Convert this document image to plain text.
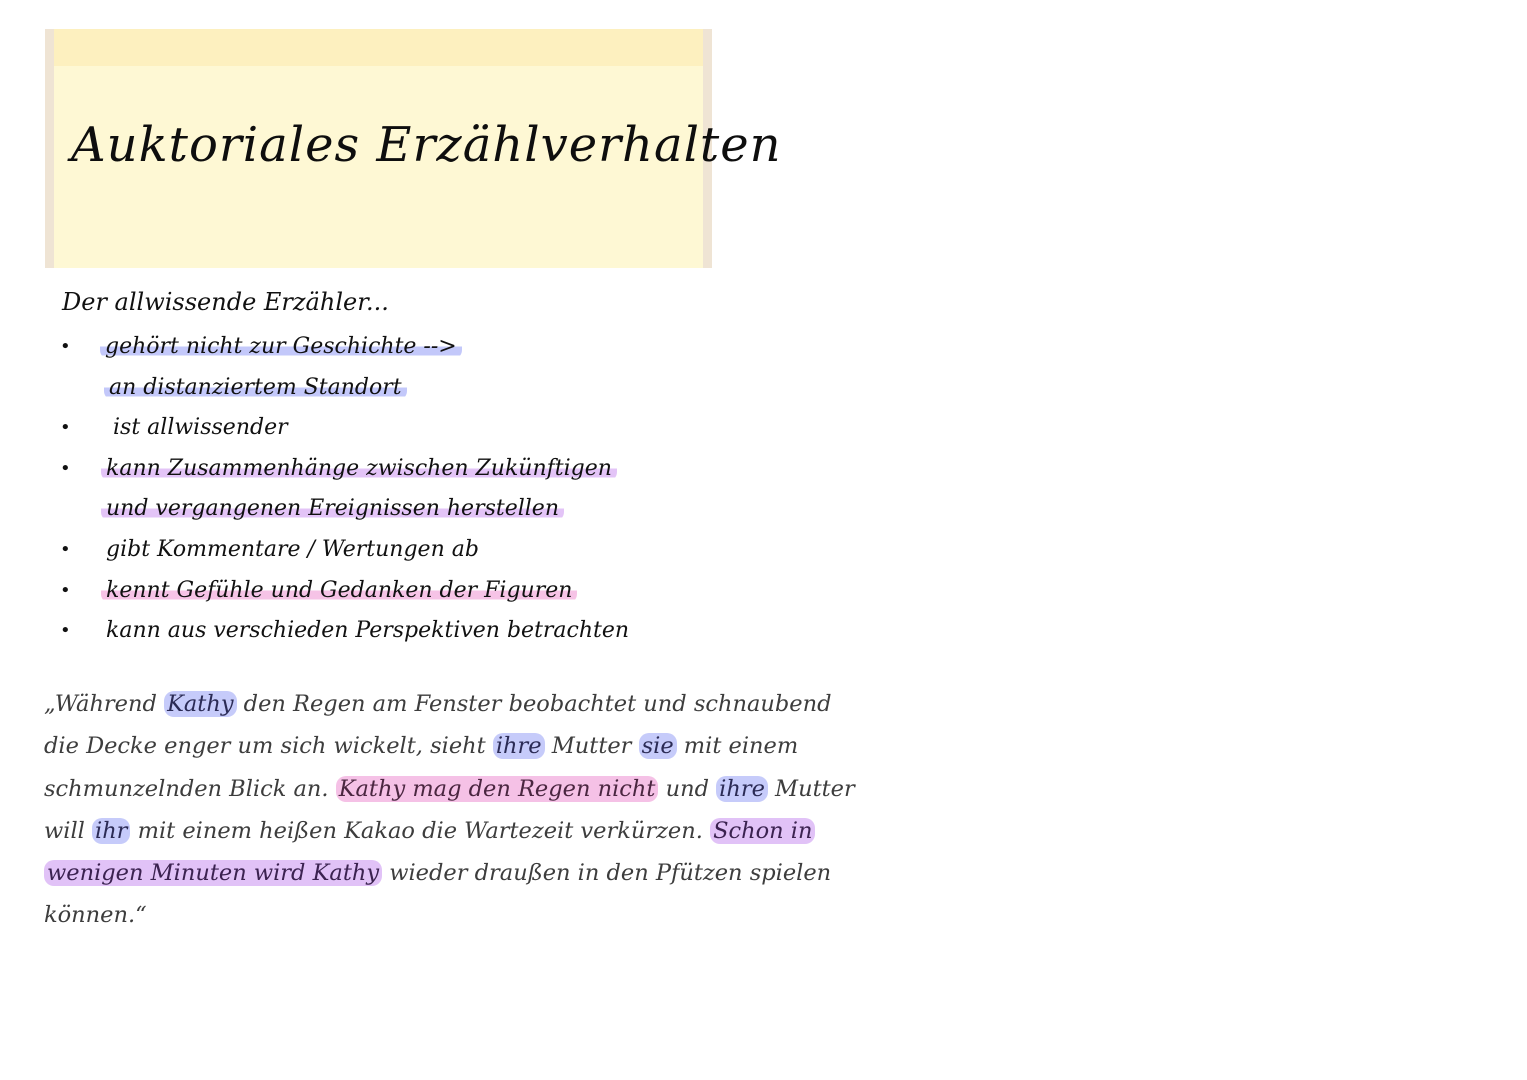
Auktoriales Erzählverhalten
Der allwissende Erzähler...
• gehört nicht zur Geschichte -->
an distanziertem Standort
• ist allwissender
• kann Zusammenhänge zwischen Zukünftigen
und vergangenen Ereignissen herstellen
• gibt Kommentare / Wertungen ab
• kennt Gefühle und Gedanken der Figuren
• kann aus verschieden Perspektiven betrachten
„Während Kathy den Regen am Fenster beobachtet und schnaubend
die Decke enger um sich wickelt, sieht ihre Mutter sie mit einem
schmunzelnden Blick an. Kathy mag den Regen nicht und ihre Mutter
will ihr mit einem heißen Kakao die Wartezeit verkürzen. Schon in
wenigen Minuten wird Kathy wieder draußen in den Pfützen spielen
können.“
